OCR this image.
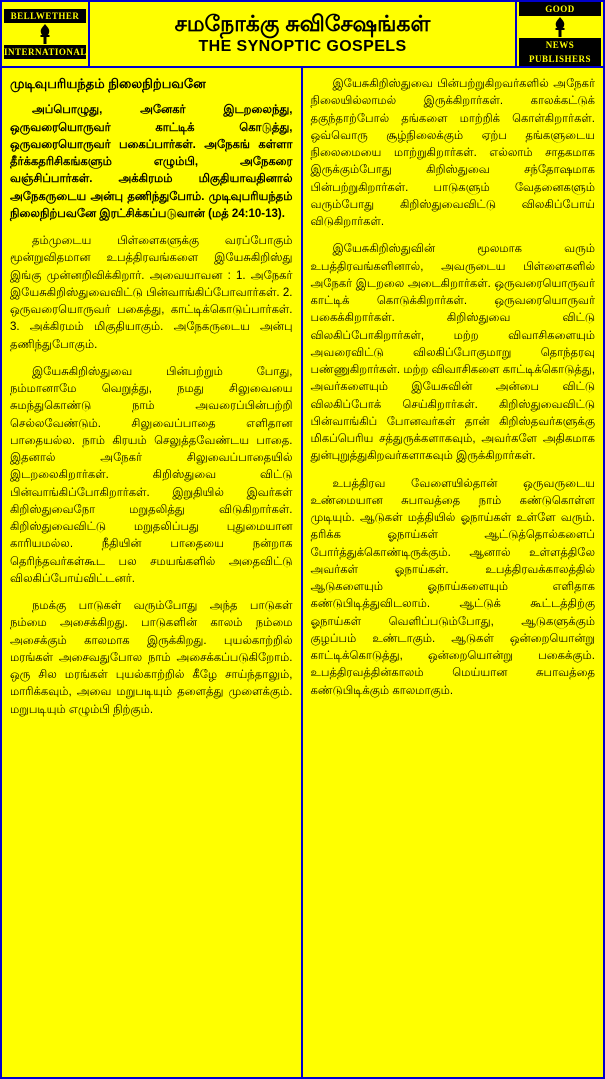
BELLWETHER
INTERNATIONAL
சமநோக்கு சுவிசேஷங்கள்
THE SYNOPTIC GOSPELS
GOOD
NEWS
PUBLISHERS
முடிவுபரியந்தம் நிலைநிற்பவனே

அப்பொழுது, அனேகர் இடறலைந்து, ஒருவரையொருவர் காட்டிக் கொடுத்து, ஒருவரையொருவர் பகைப்பார்கள். அநேகங் கள்ளா தீர்க்கதரிசிகங்களும் எழும்பி, அநேகரை வஞ்சிப்பார்கள். அக்கிரமம் மிகுதியாவதினால் அநேகருடைய அன்பு தணிந்துபோம். முடிவுபரியந்தம் நிலைநிற்பவனே இரட்சிக்கப்படுவான் (மத் 24:10-13).

தம்முடைய பிள்ளைகளுக்கு வரப்போகும் மூன்றுவிதமான உபத்திரவங்களை இயேசுகிறிஸ்து இங்கு முன்னறிவிக்கிறார். அவையாவன : 1. அநேகர் இயேசுகிறிஸ்துவைவிட்டு பின்வாங்கிப்போவார்கள். 2. ஒருவரையொருவர் பகைத்து, காட்டிக்கொடுப்பார்கள். 3. அக்கிரமம் மிகுதியாகும். அநேகருடைய அன்பு தணிந்துபோகும்.

இயேசுகிறிஸ்துவை பின்பற்றும் போது, நம்மானாமே வெறுத்து, நமது சிலுவையை சுமந்துகொண்டு நாம் அவரைப்பின்பற்றி செல்லவேண்டும். சிலுவைப்பாதை எளிதான பாதையல்ல. நாம் கிரயம் செலுத்தவேண்டய பாதை. இதனால் அநேகர் சிலுவைப்பாதையில் இடறலைகிறார்கள். கிறிஸ்துவை விட்டு பின்வாங்கிப்போகிறார்கள். இறுதியில் இவர்கள் கிறிஸ்துவைநோ மறுதலித்து விடுகிறார்கள். கிறிஸ்துவைவிட்டு மறுதலிப்பது புதுமையான காரியமல்ல. நீதியின் பாதையை நன்றாக தெரிந்தவர்கள்கூட பல சமயங்களில் அதைவிட்டு விலகிப்போய்விட்டனர்.

நமக்கு பாடுகள் வரும்போது அந்த பாடுகள் நம்மை அசைக்கிறது. பாடுகளின் காலம் நம்மை அசைக்கும் காலமாக இருக்கிறது. புயல்காற்றில் மரங்கள் அசைவதுபோல நாம் அசைக்கப்படுகிறோம். ஒரு சில மரங்கள் புயல்காற்றில் கீழே சாய்ந்தாலும், மாரிக்கவும், அவை மறுபடியும் தளைத்து முளைக்கும். மறுபடியும் எழும்பி நிற்கும்.

இயேசுகிறிஸ்துவை பின்பற்றுகிறவர்களில் அநேகர் நிலையில்லாமல் இருக்கிறார்கள். காலக்கட்டுக் தகுந்தாற்போல் தங்களை மாற்றிக் கொள்கிறார்கள். ஒவ்வொரு சூழ்நிலைக்கும் ஏற்ப தங்களுடைய நிலைமையை மாற்றுகிறார்கள். எல்லாம் சாதகமாக இருக்கும்போது கிறிஸ்துவை சந்தோஷமாக பின்பற்றுகிறார்கள். பாடுகளும் வேதனைகளும் வரும்போது கிறிஸ்துவைவிட்டு விலகிப்போய் விடுகிறார்கள்.

இயேசுகிறிஸ்துவின் மூலமாக வரும் உபத்திரவங்களினால், அவருடைய பிள்ளைகளில் அநேகர் இடறலை அடைகிறார்கள். ஒருவரையொருவர் காட்டிக் கொடுக்கிறார்கள். ஒருவரையொருவர் பகைக்கிறார்கள். கிறிஸ்துவை விட்டு விலகிப்போகிறார்கள், மற்ற விவாசிகளையும் அவரைவிட்டு விலகிப்போகுமாறு தொந்தரவு பண்ணுகிறார்கள். மற்ற விவாசிகளை காட்டிக்கொடுத்து, அவர்களையும் இயேசுவின் அன்பை விட்டு விலகிப்போக் செய்கிறார்கள். கிறிஸ்துவைவிட்டு பின்வாங்கிப் போனவர்கள் தான் கிறிஸ்தவர்களுக்கு மிகப்பெரிய சத்துருக்களாகவும், அவர்களே அதிகமாக துன்புறுத்துகிறவர்களாகவும் இருக்கிறார்கள்.

உபத்திரவ வேளையில்தான் ஒருவருடைய உண்மையான சுபாவத்தை நாம் கண்டுகொள்ள முடியும். ஆடுகள் மத்தியில் ஓநாய்கள் உள்ளே வரும். தரிக்க ஓநாய்கள் ஆட்டுத்தொல்களைப் போர்த்துக்கொண்டிருக்கும். ஆனால் உள்ளத்திலே அவர்கள் ஓநாய்கள். உபத்திரவக்காலத்தில் ஆடுகளையும் ஓநாய்களையும் எளிதாக கண்டுபிடித்துவிடலாம். ஆட்டுக் கூட்டத்திற்கு ஓநாய்கள் வெளிப்படும்போது, ஆடுகளுக்கும் குழப்பம் உண்டாகும். ஆடுகள் ஒன்றையொன்று காட்டிக்கொடுத்து, ஒன்றையொன்று பகைக்கும். உபத்திரவத்தின்காலம் மெய்யான சுபாவத்தை கண்டுபிடிக்கும் காலமாகும்.
